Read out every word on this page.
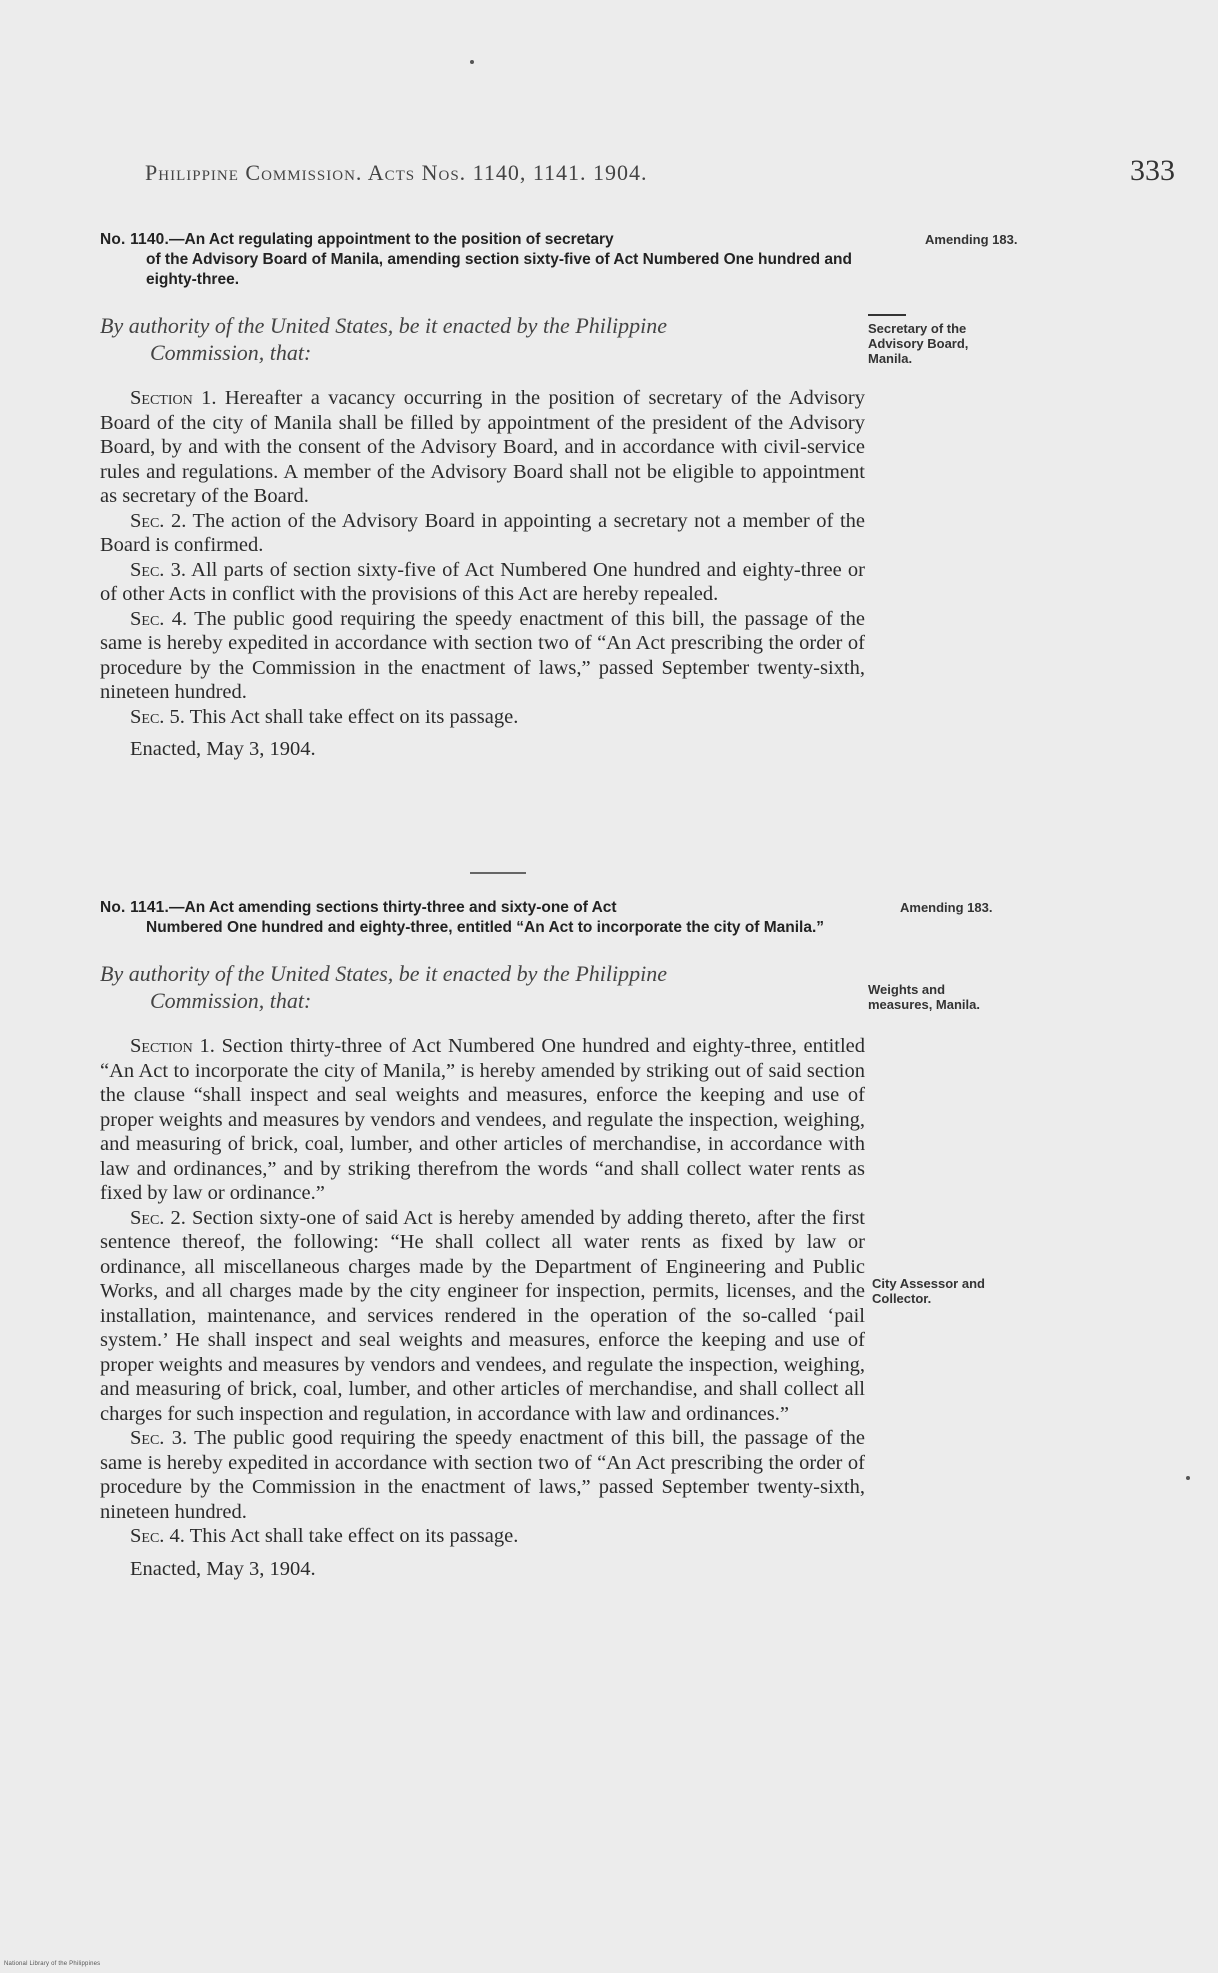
Philippine Commission. Acts Nos. 1140, 1141. 1904.	333
No. 1140.—An Act regulating appointment to the position of secretary
of the Advisory Board of Manila, amending section sixty-five of Act Numbered One hundred and eighty-three.
By authority of the United States, be it enacted by the Philippine
Commission, that:

Section 1. Hereafter a vacancy occurring in the position of secretary of the Advisory Board of the city of Manila shall be filled by appointment of the president of the Advisory Board, by and with the consent of the Advisory Board, and in accordance with civil-service rules and regulations. A member of the Advisory Board shall not be eligible to appointment as secretary of the Board.

Sec. 2. The action of the Advisory Board in appointing a secretary not a member of the Board is confirmed.

Sec. 3. All parts of section sixty-five of Act Numbered One hundred and eighty-three or of other Acts in conflict with the provisions of this Act are hereby repealed.

Sec. 4. The public good requiring the speedy enactment of this bill, the passage of the same is hereby expedited in accordance with section two of “An Act prescribing the order of procedure by the Commission in the enactment of laws,” passed September twenty-sixth, nineteen hundred.

Sec. 5. This Act shall take effect on its passage.

Enacted, May 3, 1904.
No. 1141.—An Act amending sections thirty-three and sixty-one of Act
Numbered One hundred and eighty-three, entitled “An Act to incorporate the city of Manila.”
By authority of the United States, be it enacted by the Philippine
Commission, that:

Section 1. Section thirty-three of Act Numbered One hundred and eighty-three, entitled “An Act to incorporate the city of Manila,” is hereby amended by striking out of said section the clause “shall inspect and seal weights and measures, enforce the keeping and use of proper weights and measures by vendors and vendees, and regulate the inspection, weighing, and measuring of brick, coal, lumber, and other articles of merchandise, in accordance with law and ordinances,” and by striking therefrom the words “and shall collect water rents as fixed by law or ordinance.”

Sec. 2. Section sixty-one of said Act is hereby amended by adding thereto, after the first sentence thereof, the following: “He shall collect all water rents as fixed by law or ordinance, all miscellaneous charges made by the Department of Engineering and Public Works, and all charges made by the city engineer for inspection, permits, licenses, and the installation, maintenance, and services rendered in the operation of the so-called ‘pail system.’ He shall inspect and seal weights and measures, enforce the keeping and use of proper weights and measures by vendors and vendees, and regulate the inspection, weighing, and measuring of brick, coal, lumber, and other articles of merchandise, and shall collect all charges for such inspection and regulation, in accordance with law and ordinances.”

Sec. 3. The public good requiring the speedy enactment of this bill, the passage of the same is hereby expedited in accordance with section two of “An Act prescribing the order of procedure by the Commission in the enactment of laws,” passed September twenty-sixth, nineteen hundred.

Sec. 4. This Act shall take effect on its passage.

Enacted, May 3, 1904.
Amending 183.
Secretary of the
Advisory Board,
Manila.
Amending 183.
Weights and
measures, Manila.
City Assessor and
Collector.
National Library of the Philippines
